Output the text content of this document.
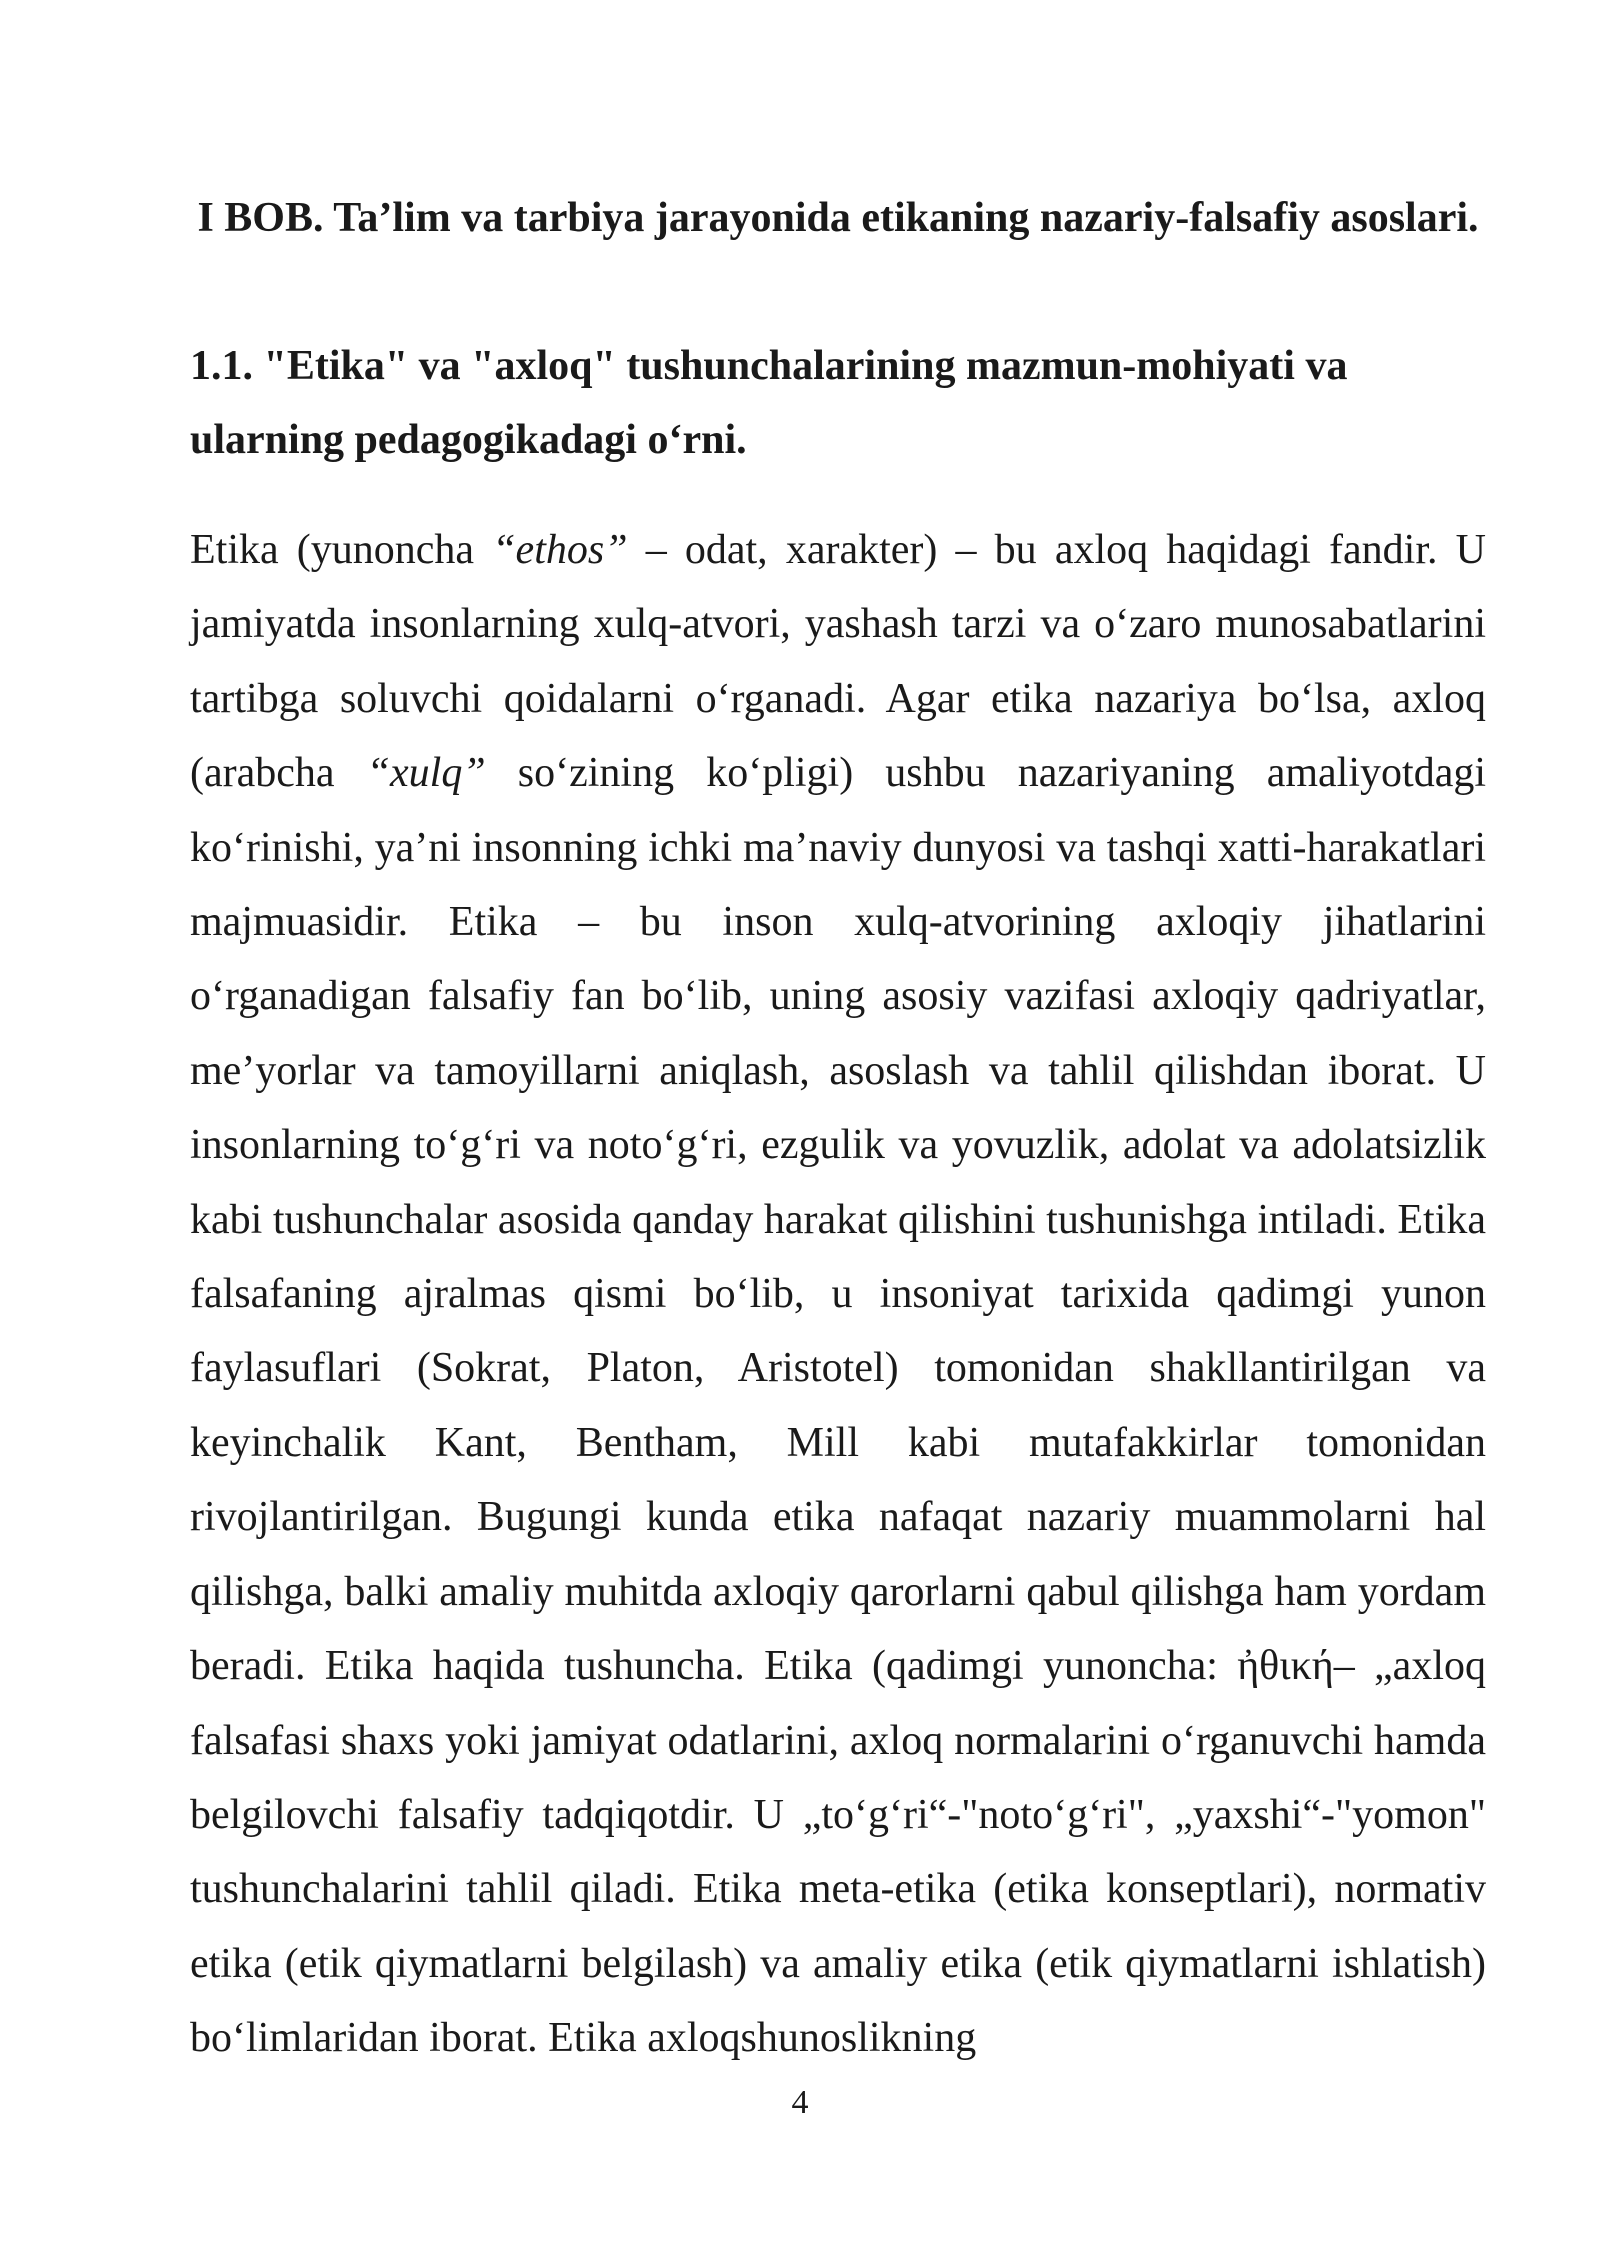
I BOB. Ta’lim va tarbiya jarayonida etikaning nazariy-falsafiy asoslari.
1.1. "Etika" va "axloq" tushunchalarining mazmun-mohiyati va ularning pedagogikadagi o‘rni.

Etika (yunoncha “ethos” – odat, xarakter) – bu axloq haqidagi fandir. U jamiyatda insonlarning xulq-atvori, yashash tarzi va o‘zaro munosabatlarini tartibga soluvchi qoidalarni o‘rganadi. Agar etika nazariya bo‘lsa, axloq (arabcha “xulq” so‘zining ko‘pligi) ushbu nazariyaning amaliyotdagi ko‘rinishi, ya’ni insonning ichki ma’naviy dunyosi va tashqi xatti-harakatlari majmuasidir. Etika – bu inson xulq-atvorining axloqiy jihatlarini o‘rganadigan falsafiy fan bo‘lib, uning asosiy vazifasi axloqiy qadriyatlar, me’yorlar va tamoyillarni aniqlash, asoslash va tahlil qilishdan iborat. U insonlarning to‘g‘ri va noto‘g‘ri, ezgulik va yovuzlik, adolat va adolatsizlik kabi tushunchalar asosida qanday harakat qilishini tushunishga intiladi. Etika falsafaning ajralmas qismi bo‘lib, u insoniyat tarixida qadimgi yunon faylasuflari (Sokrat, Platon, Aristotel) tomonidan shakllantirilgan va keyinchalik Kant, Bentham, Mill kabi mutafakkirlar tomonidan rivojlantirilgan. Bugungi kunda etika nafaqat nazariy muammolarni hal qilishga, balki amaliy muhitda axloqiy qarorlarni qabul qilishga ham yordam beradi. Etika haqida tushuncha. Etika (qadimgi yunoncha: ἠθική– „axloq falsafasi shaxs yoki jamiyat odatlarini, axloq normalarini o‘rganuvchi hamda belgilovchi falsafiy tadqiqotdir. U „to‘g‘ri“-"noto‘g‘ri", „yaxshi“-"yomon" tushunchalarini tahlil qiladi. Etika meta-etika (etika konseptlari), normativ etika (etik qiymatlarni belgilash) va amaliy etika (etik qiymatlarni ishlatish) bo‘limlaridan iborat. Etika axloqshunoslikning

4
